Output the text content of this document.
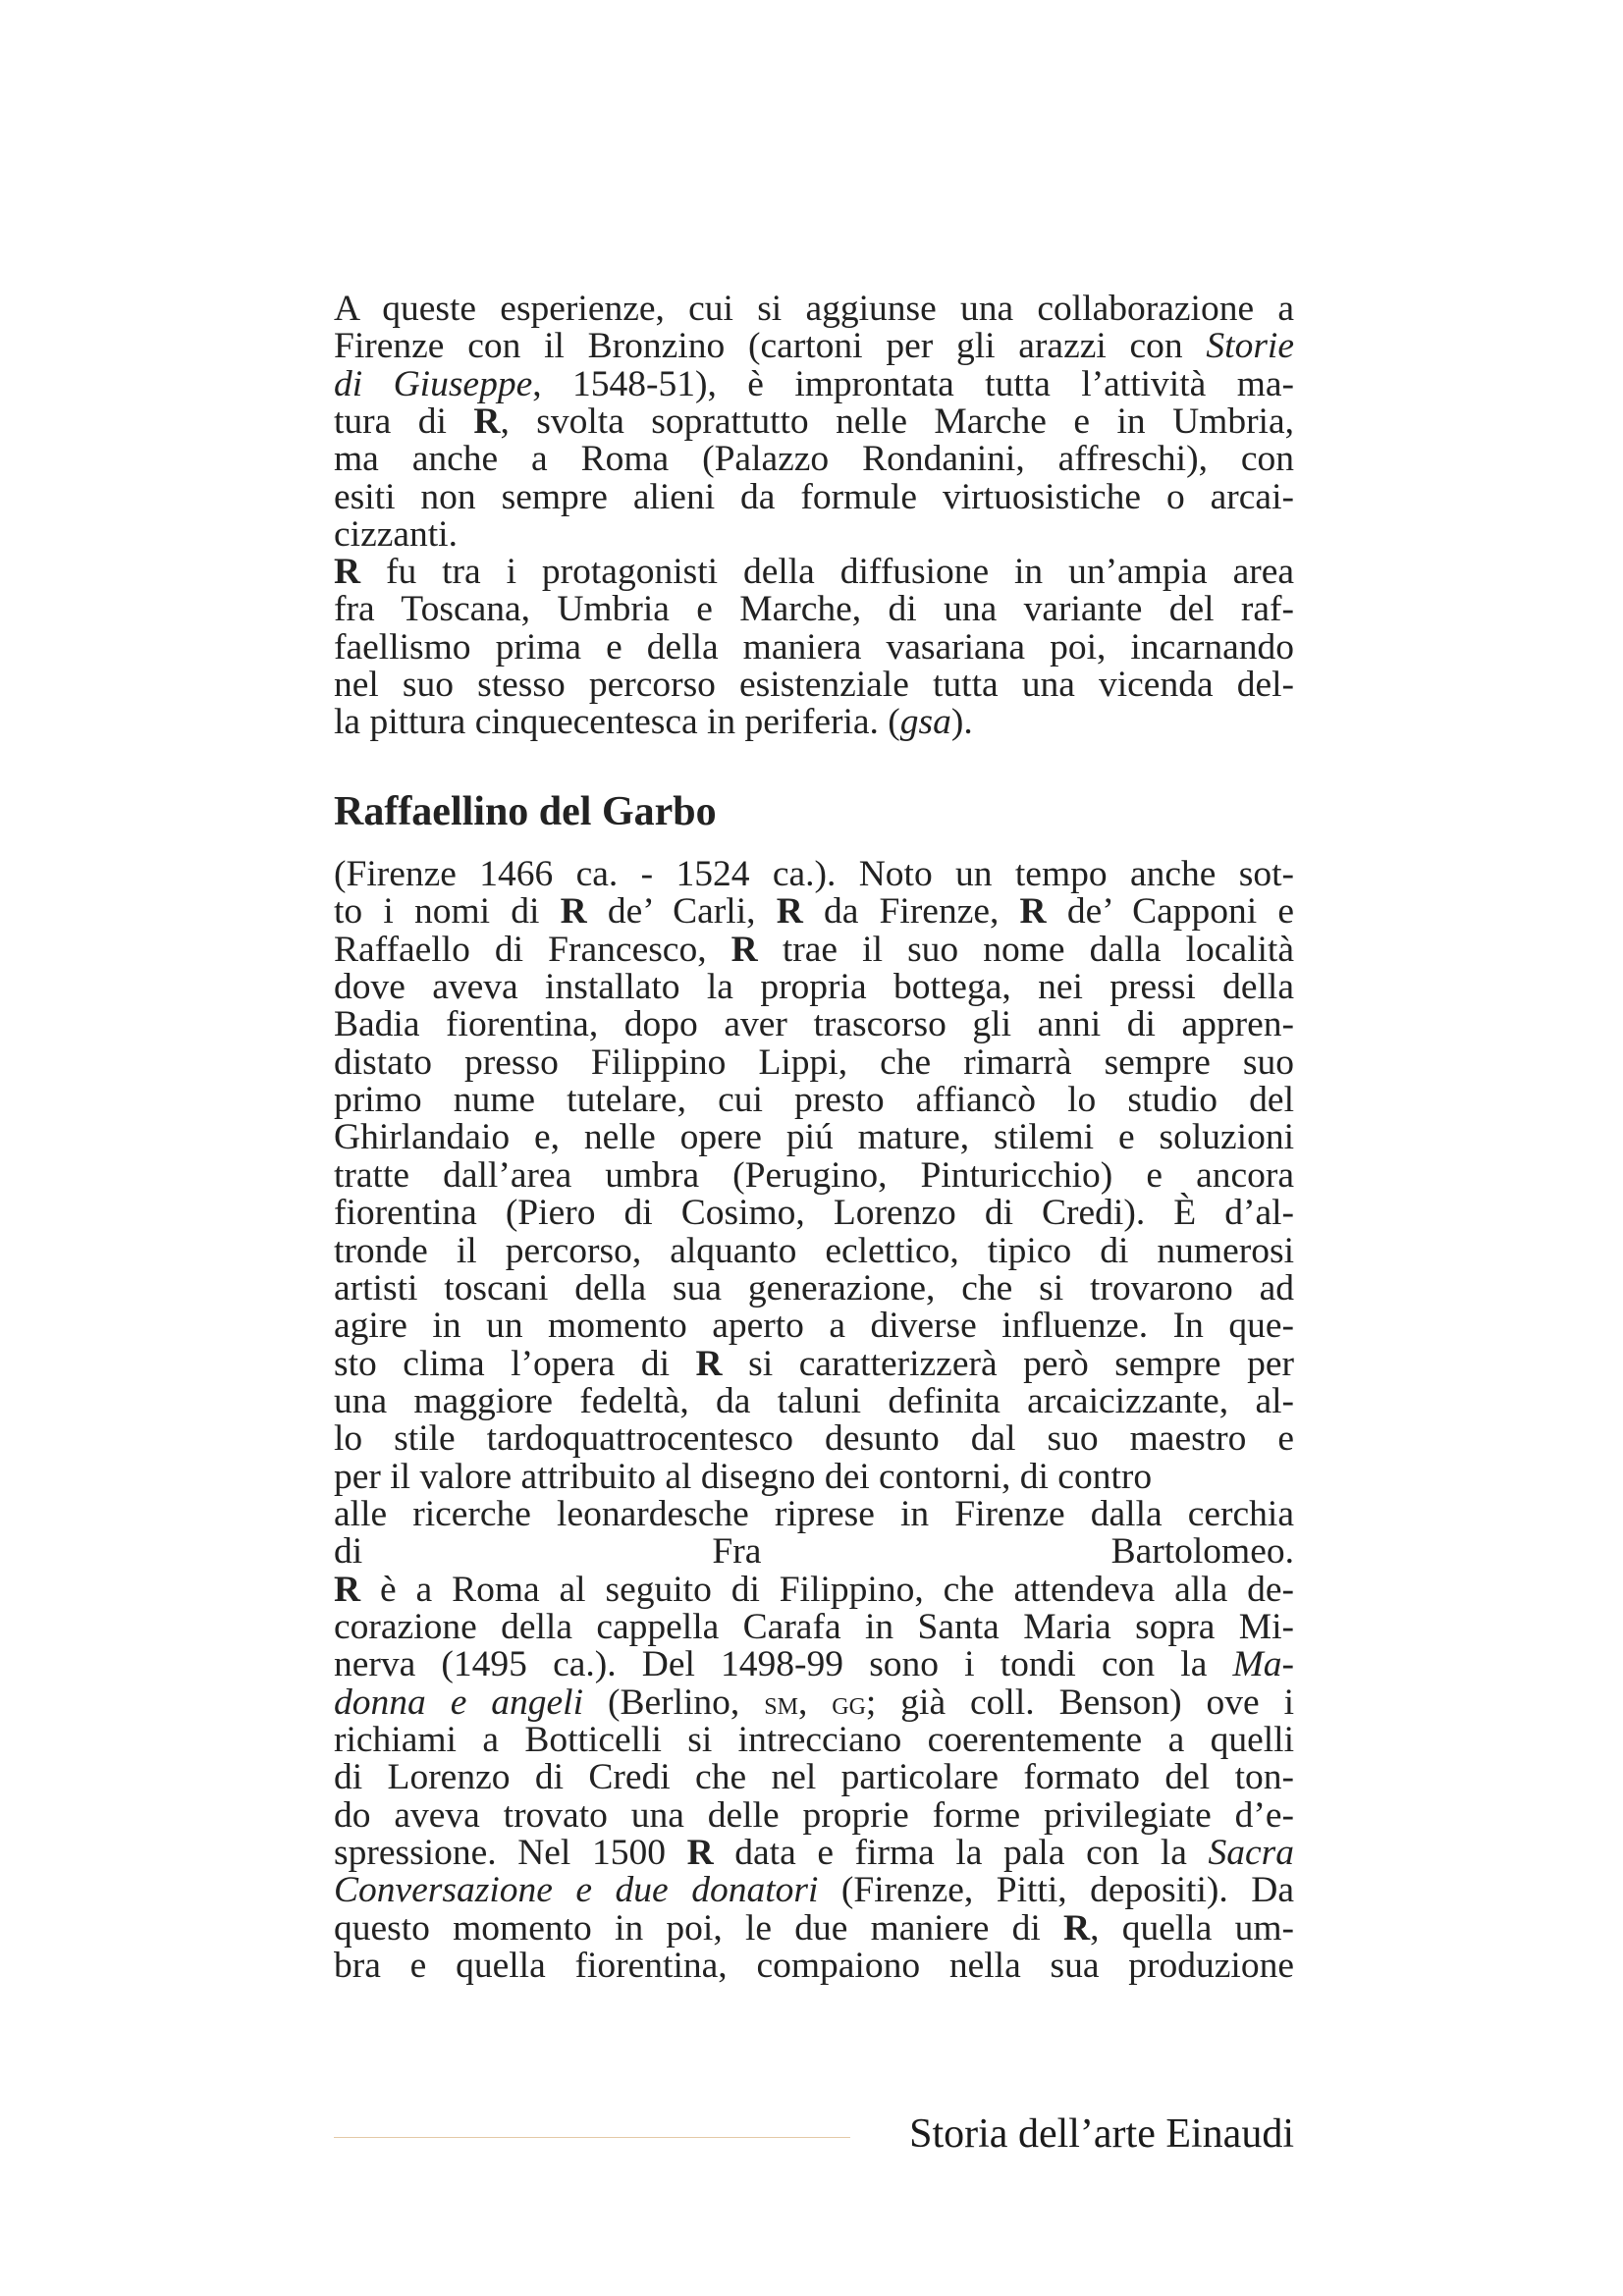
A queste esperienze, cui si aggiunse una collaborazione a
Firenze con il Bronzino (cartoni per gli arazzi con Storie
di Giuseppe, 1548-51), è improntata tutta l’attività ma-
tura di R, svolta soprattutto nelle Marche e in Umbria,
ma anche a Roma (Palazzo Rondanini, affreschi), con
esiti non sempre alieni da formule virtuosistiche o arcai-
cizzanti.
R fu tra i protagonisti della diffusione in un’ampia area
fra Toscana, Umbria e Marche, di una variante del raf-
faellismo prima e della maniera vasariana poi, incarnando
nel suo stesso percorso esistenziale tutta una vicenda del-
la pittura cinquecentesca in periferia. (gsa).
Raffaellino del Garbo
(Firenze 1466 ca. - 1524 ca.). Noto un tempo anche sot-
to i nomi di R de’ Carli, R da Firenze, R de’ Capponi e
Raffaello di Francesco, R trae il suo nome dalla località
dove aveva installato la propria bottega, nei pressi della
Badia fiorentina, dopo aver trascorso gli anni di appren-
distato presso Filippino Lippi, che rimarrà sempre suo
primo nume tutelare, cui presto affiancò lo studio del
Ghirlandaio e, nelle opere piú mature, stilemi e soluzioni
tratte dall’area umbra (Perugino, Pinturicchio) e ancora
fiorentina (Piero di Cosimo, Lorenzo di Credi). È d’al-
tronde il percorso, alquanto eclettico, tipico di numerosi
artisti toscani della sua generazione, che si trovarono ad
agire in un momento aperto a diverse influenze. In que-
sto clima l’opera di R si caratterizzerà però sempre per
una maggiore fedeltà, da taluni definita arcaicizzante, al-
lo stile tardoquattrocentesco desunto dal suo maestro e
per il valore attribuito al disegno dei contorni, di contro
alle ricerche leonardesche riprese in Firenze dalla cerchia
di Fra Bartolomeo.
R è a Roma al seguito di Filippino, che attendeva alla de-
corazione della cappella Carafa in Santa Maria sopra Mi-
nerva (1495 ca.). Del 1498-99 sono i tondi con la Ma-
donna e angeli (Berlino, sm, gg; già coll. Benson) ove i
richiami a Botticelli si intrecciano coerentemente a quelli
di Lorenzo di Credi che nel particolare formato del ton-
do aveva trovato una delle proprie forme privilegiate d’e-
spressione. Nel 1500 R data e firma la pala con la Sacra
Conversazione e due donatori (Firenze, Pitti, depositi). Da
questo momento in poi, le due maniere di R, quella um-
bra e quella fiorentina, compaiono nella sua produzione
Storia dell’arte Einaudi
